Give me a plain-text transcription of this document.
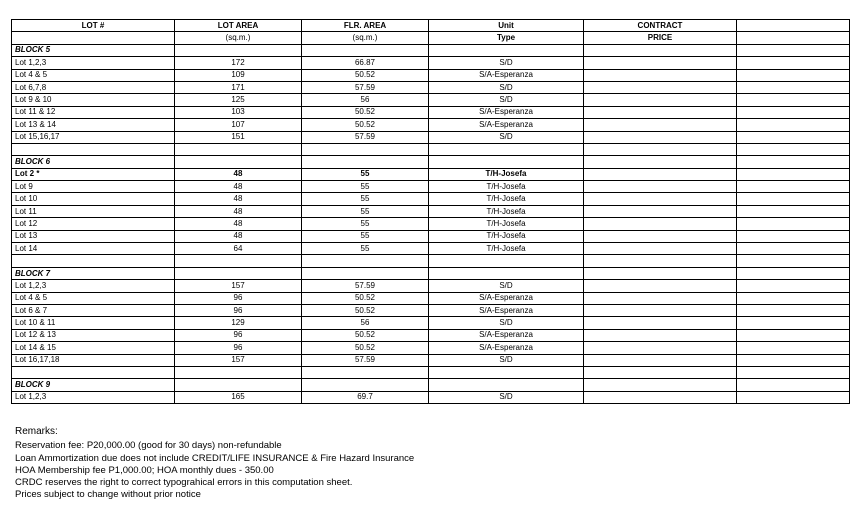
LOT #	LOT AREA	FLR. AREA	Unit	CONTRACT	
	(sq.m.)	(sq.m.)	Type	PRICE	
BLOCK 5					
Lot 1,2,3	172	66.87	S/D		
Lot 4 & 5	109	50.52	S/A-Esperanza		
Lot 6,7,8	171	57.59	S/D		
Lot 9 & 10	125	56	S/D		
Lot 11 & 12	103	50.52	S/A-Esperanza		
Lot 13 & 14	107	50.52	S/A-Esperanza		
Lot 15,16,17	151	57.59	S/D		

BLOCK 6					
Lot 2 *	48	55	T/H-Josefa		
Lot 9	48	55	T/H-Josefa		
Lot 10	48	55	T/H-Josefa		
Lot 11	48	55	T/H-Josefa		
Lot 12	48	55	T/H-Josefa		
Lot 13	48	55	T/H-Josefa		
Lot 14	64	55	T/H-Josefa		

BLOCK 7					
Lot 1,2,3	157	57.59	S/D		
Lot 4 & 5	96	50.52	S/A-Esperanza		
Lot 6 & 7	96	50.52	S/A-Esperanza		
Lot 10 & 11	129	56	S/D		
Lot 12 & 13	96	50.52	S/A-Esperanza		
Lot 14 & 15	96	50.52	S/A-Esperanza		
Lot 16,17,18	157	57.59	S/D		

BLOCK 9					
Lot 1,2,3	165	69.7	S/D		
Remarks:
Reservation fee: P20,000.00 (good for 30 days) non-refundable
Loan Ammortization due does not include CREDIT/LIFE INSURANCE & Fire Hazard Insurance
HOA Membership fee P1,000.00; HOA monthly dues - 350.00
CRDC reserves the right to correct typograhical errors in this computation sheet.
Prices subject to change without prior notice
